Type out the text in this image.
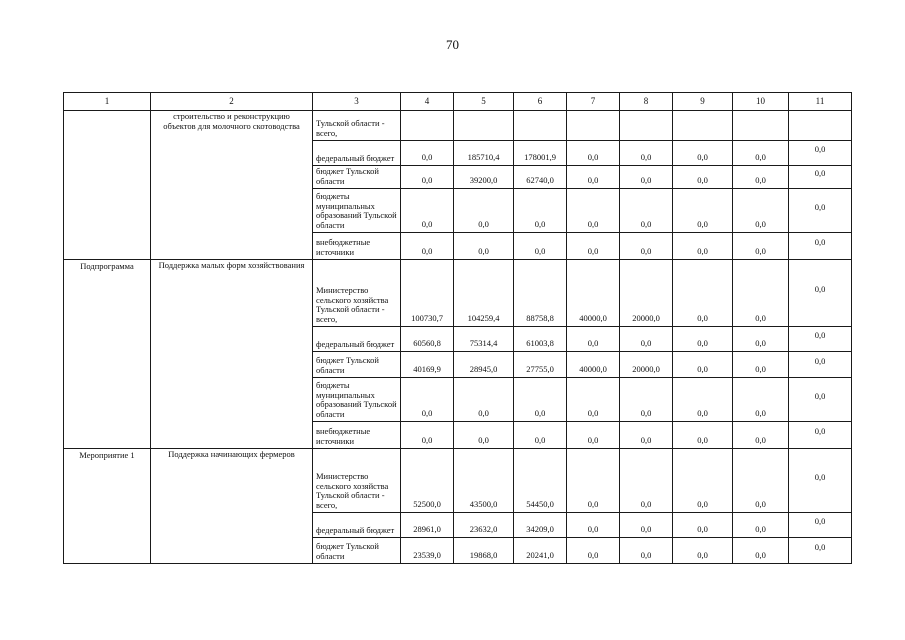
70
1	2	3	4	5	6	7	8	9	10	11
	строительство и реконструкцию объектов для молочного скотоводства	Тульской области - всего,								
		федеральный бюджет	0,0	185710,4	178001,9	0,0	0,0	0,0	0,0	0,0
		бюджет Тульской области	0,0	39200,0	62740,0	0,0	0,0	0,0	0,0	0,0
		бюджеты муниципальных образований Тульской области	0,0	0,0	0,0	0,0	0,0	0,0	0,0	0,0
		внебюджетные источники	0,0	0,0	0,0	0,0	0,0	0,0	0,0	0,0
Подпрограмма	Поддержка малых форм хозяйствования	Министерство сельского хозяйства Тульской области - всего,	100730,7	104259,4	88758,8	40000,0	20000,0	0,0	0,0	0,0
		федеральный бюджет	60560,8	75314,4	61003,8	0,0	0,0	0,0	0,0	0,0
		бюджет Тульской области	40169,9	28945,0	27755,0	40000,0	20000,0	0,0	0,0	0,0
		бюджеты муниципальных образований Тульской области	0,0	0,0	0,0	0,0	0,0	0,0	0,0	0,0
		внебюджетные источники	0,0	0,0	0,0	0,0	0,0	0,0	0,0	0,0
Мероприятие 1	Поддержка начинающих фермеров	Министерство сельского хозяйства Тульской области - всего,	52500,0	43500,0	54450,0	0,0	0,0	0,0	0,0	0,0
		федеральный бюджет	28961,0	23632,0	34209,0	0,0	0,0	0,0	0,0	0,0
		бюджет Тульской области	23539,0	19868,0	20241,0	0,0	0,0	0,0	0,0	0,0
